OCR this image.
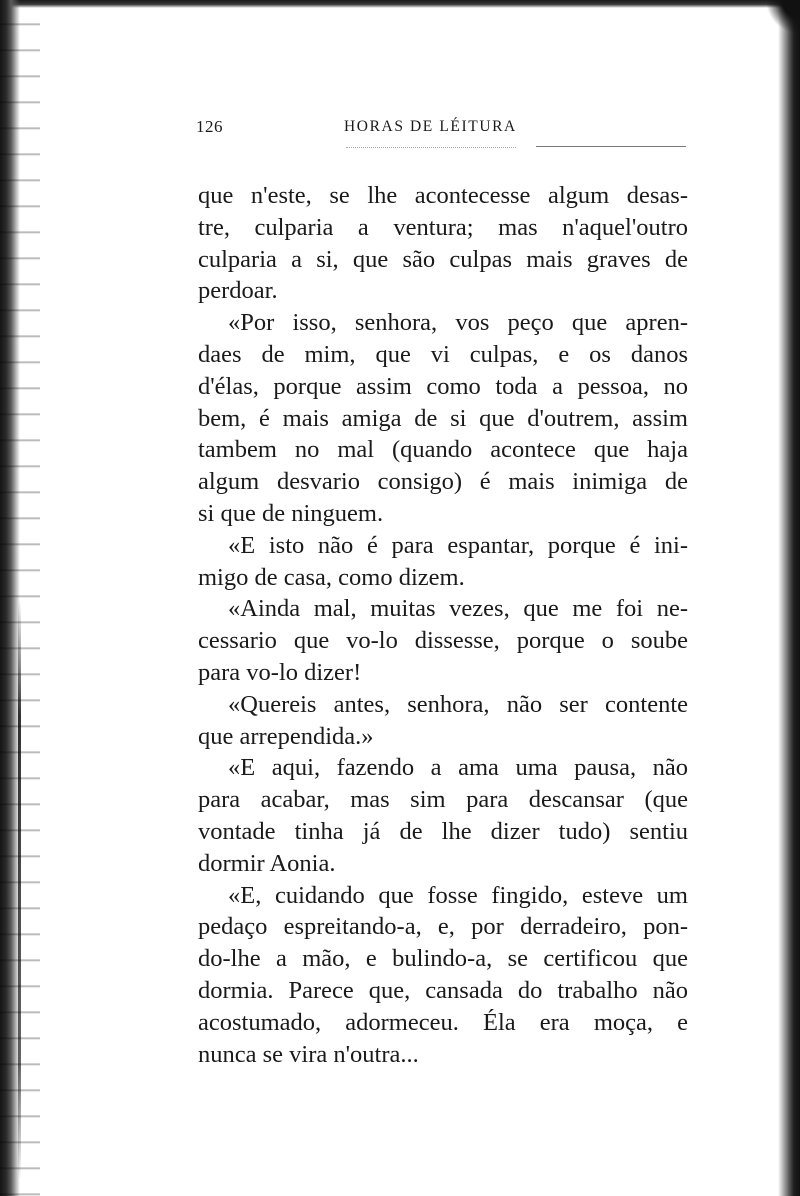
126	HORAS DE LÉITURA
que n'este, se lhe acontecesse algum desas-
tre, culparia a ventura; mas n'aquel'outro
culparia a si, que são culpas mais graves de
perdoar.
«Por isso, senhora, vos peço que apren-
daes de mim, que vi culpas, e os danos
d'élas, porque assim como toda a pessoa, no
bem, é mais amiga de si que d'outrem, assim
tambem no mal (quando acontece que haja
algum desvario consigo) é mais inimiga de
si que de ninguem.
«E isto não é para espantar, porque é ini-
migo de casa, como dizem.
«Ainda mal, muitas vezes, que me foi ne-
cessario que vo-lo dissesse, porque o soube
para vo-lo dizer!
«Quereis antes, senhora, não ser contente
que arrependida.»
«E aqui, fazendo a ama uma pausa, não
para acabar, mas sim para descansar (que
vontade tinha já de lhe dizer tudo) sentiu
dormir Aonia.
«E, cuidando que fosse fingido, esteve um
pedaço espreitando-a, e, por derradeiro, pon-
do-lhe a mão, e bulindo-a, se certificou que
dormia. Parece que, cansada do trabalho não
acostumado, adormeceu. Éla era moça, e
nunca se vira n'outra...
